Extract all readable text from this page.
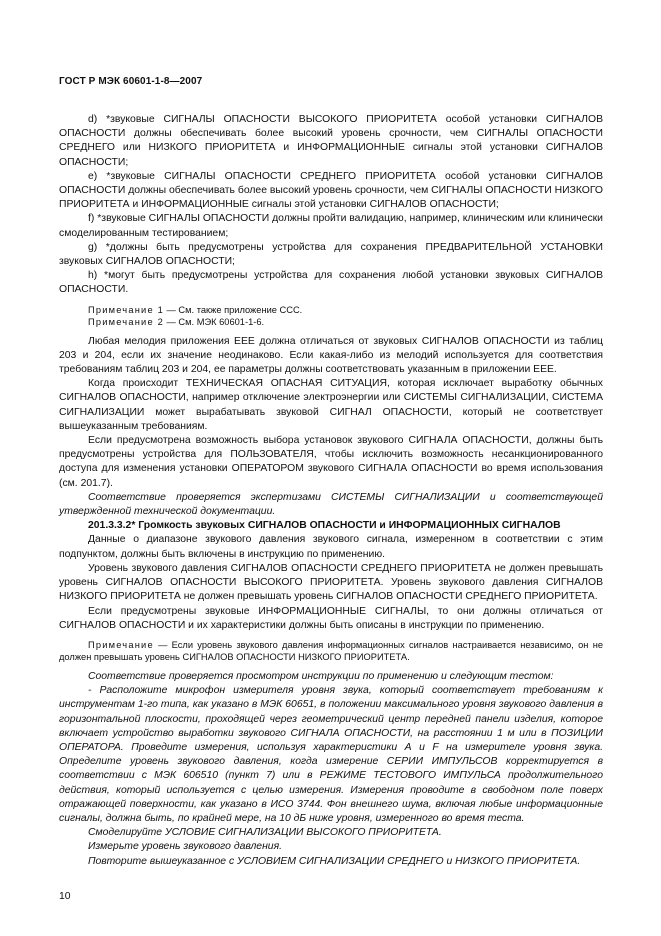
ГОСТ Р МЭК 60601-1-8—2007

d) *звуковые СИГНАЛЫ ОПАСНОСТИ ВЫСОКОГО ПРИОРИТЕТА особой установки СИГНАЛОВ ОПАСНОСТИ должны обеспечивать более высокий уровень срочности, чем СИГНАЛЫ ОПАСНОСТИ СРЕДНЕГО или НИЗКОГО ПРИОРИТЕТА и ИНФОРМАЦИОННЫЕ сигналы этой установки СИГНАЛОВ ОПАСНОСТИ;

е) *звуковые СИГНАЛЫ ОПАСНОСТИ СРЕДНЕГО ПРИОРИТЕТА особой установки СИГНАЛОВ ОПАСНОСТИ должны обеспечивать более высокий уровень срочности, чем СИГНАЛЫ ОПАСНОСТИ НИЗКОГО ПРИОРИТЕТА и ИНФОРМАЦИОННЫЕ сигналы этой установки СИГНАЛОВ ОПАСНОСТИ;

f) *звуковые СИГНАЛЫ ОПАСНОСТИ должны пройти валидацию, например, клиническим или клинически смоделированным тестированием;

g) *должны быть предусмотрены устройства для сохранения ПРЕДВАРИТЕЛЬНОЙ УСТАНОВКИ звуковых СИГНАЛОВ ОПАСНОСТИ;

h) *могут быть предусмотрены устройства для сохранения любой установки звуковых СИГНАЛОВ ОПАСНОСТИ.

Примечание 1 — См. также приложение ССС.

Примечание 2 — См. МЭК 60601-1-6.

Любая мелодия приложения ЕЕЕ должна отличаться от звуковых СИГНАЛОВ ОПАСНОСТИ из таблиц 203 и 204, если их значение неодинаково. Если какая-либо из мелодий используется для соответствия требованиям таблиц 203 и 204, ее параметры должны соответствовать указанным в приложении ЕЕЕ.

Когда происходит ТЕХНИЧЕСКАЯ ОПАСНАЯ СИТУАЦИЯ, которая исключает выработку обычных СИГНАЛОВ ОПАСНОСТИ, например отключение электроэнергии или СИСТЕМЫ СИГНАЛИЗАЦИИ, СИСТЕМА СИГНАЛИЗАЦИИ может вырабатывать звуковой СИГНАЛ ОПАСНОСТИ, который не соответствует вышеуказанным требованиям.

Если предусмотрена возможность выбора установок звукового СИГНАЛА ОПАСНОСТИ, должны быть предусмотрены устройства для ПОЛЬЗОВАТЕЛЯ, чтобы исключить возможность несанкционированного доступа для изменения установки ОПЕРАТОРОМ звукового СИГНАЛА ОПАСНОСТИ во время использования (см. 201.7).

Соответствие проверяется экспертизами СИСТЕМЫ СИГНАЛИЗАЦИИ и соответствующей утвержденной технической документации.

201.3.3.2* Громкость звуковых СИГНАЛОВ ОПАСНОСТИ и ИНФОРМАЦИОННЫХ СИГНАЛОВ

Данные о диапазоне звукового давления звукового сигнала, измеренном в соответствии с этим подпунктом, должны быть включены в инструкцию по применению.

Уровень звукового давления СИГНАЛОВ ОПАСНОСТИ СРЕДНЕГО ПРИОРИТЕТА не должен превышать уровень СИГНАЛОВ ОПАСНОСТИ ВЫСОКОГО ПРИОРИТЕТА. Уровень звукового давления СИГНАЛОВ НИЗКОГО ПРИОРИТЕТА не должен превышать уровень СИГНАЛОВ ОПАСНОСТИ СРЕДНЕГО ПРИОРИТЕТА.

Если предусмотрены звуковые ИНФОРМАЦИОННЫЕ СИГНАЛЫ, то они должны отличаться от СИГНАЛОВ ОПАСНОСТИ и их характеристики должны быть описаны в инструкции по применению.

Примечание — Если уровень звукового давления информационных сигналов настраивается независимо, он не должен превышать уровень СИГНАЛОВ ОПАСНОСТИ НИЗКОГО ПРИОРИТЕТА.

Соответствие проверяется просмотром инструкции по применению и следующим тестом:

- Расположите микрофон измерителя уровня звука, который соответствует требованиям к инструментам 1-го типа, как указано в МЭК 60651, в положении максимального уровня звукового давления в горизонтальной плоскости, проходящей через геометрический центр передней панели изделия, которое включает устройство выработки звукового СИГНАЛА ОПАСНОСТИ, на расстоянии 1 м или в ПОЗИЦИИ ОПЕРАТОРА. Проведите измерения, используя характеристики А и F на измерителе уровня звука. Определите уровень звукового давления, когда измерение СЕРИИ ИМПУЛЬСОВ корректируется в соответствии с МЭК 606510 (пункт 7) или в РЕЖИМЕ ТЕСТОВОГО ИМПУЛЬСА продолжительного действия, который используется с целью измерения. Измерения проводите в свободном поле поверх отражающей поверхности, как указано в ИСО 3744. Фон внешнего шума, включая любые информационные сигналы, должна быть, по крайней мере, на 10 дБ ниже уровня, измеренного во время теста.

Смоделируйте УСЛОВИЕ СИГНАЛИЗАЦИИ ВЫСОКОГО ПРИОРИТЕТА.

Измерьте уровень звукового давления.

Повторите вышеуказанное с УСЛОВИЕМ СИГНАЛИЗАЦИИ СРЕДНЕГО и НИЗКОГО ПРИОРИТЕТА.

10
